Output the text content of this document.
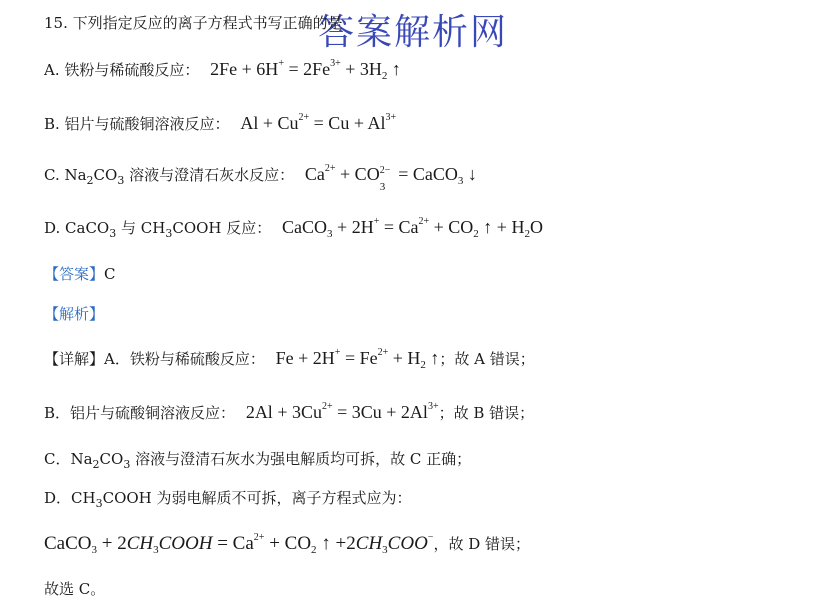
答案解析网
15. 下列指定反应的离子方程式书写正确的是
A. 铁粉与稀硫酸反应： $2Fe + 6H^+ = 2Fe^{3+} + 3H_2$ ↑
B. 铝片与硫酸铜溶液反应： $Al + Cu^{2+} = Cu + Al^{3+}$
C. $Na_2CO_3$ 溶液与澄清石灰水反应： $Ca^{2+}$ + CO 2−
3
= CaCO$_3$ ↓
D. CaCO$_3$ 与 $CH_3COOH$ 反应： CaCO$_3$ + $2H^+ = Ca^{2+} + CO_2$ ↑ + $H_2O$
【答案】C
【解析】
【详解】A．铁粉与稀硫酸反应： $Fe + 2H^+ = Fe^{2+} + H_2$ ↑；故 A 错误；
B．铝片与硫酸铜溶液反应： $2Al + 3Cu^{2+} = 3Cu + 2Al^{3+}$；故 B 错误；
C．$Na_2CO_3$ 溶液与澄清石灰水为强电解质均可拆，故 C 正确；
D．$CH_3COOH$ 为弱电解质不可拆，离子方程式应为：
CaCO$_3$ + $2CH_3COOH = Ca^{2+} + CO_2$ ↑ $+2CH_3COO^-$，故 D 错误；
故选 C。
